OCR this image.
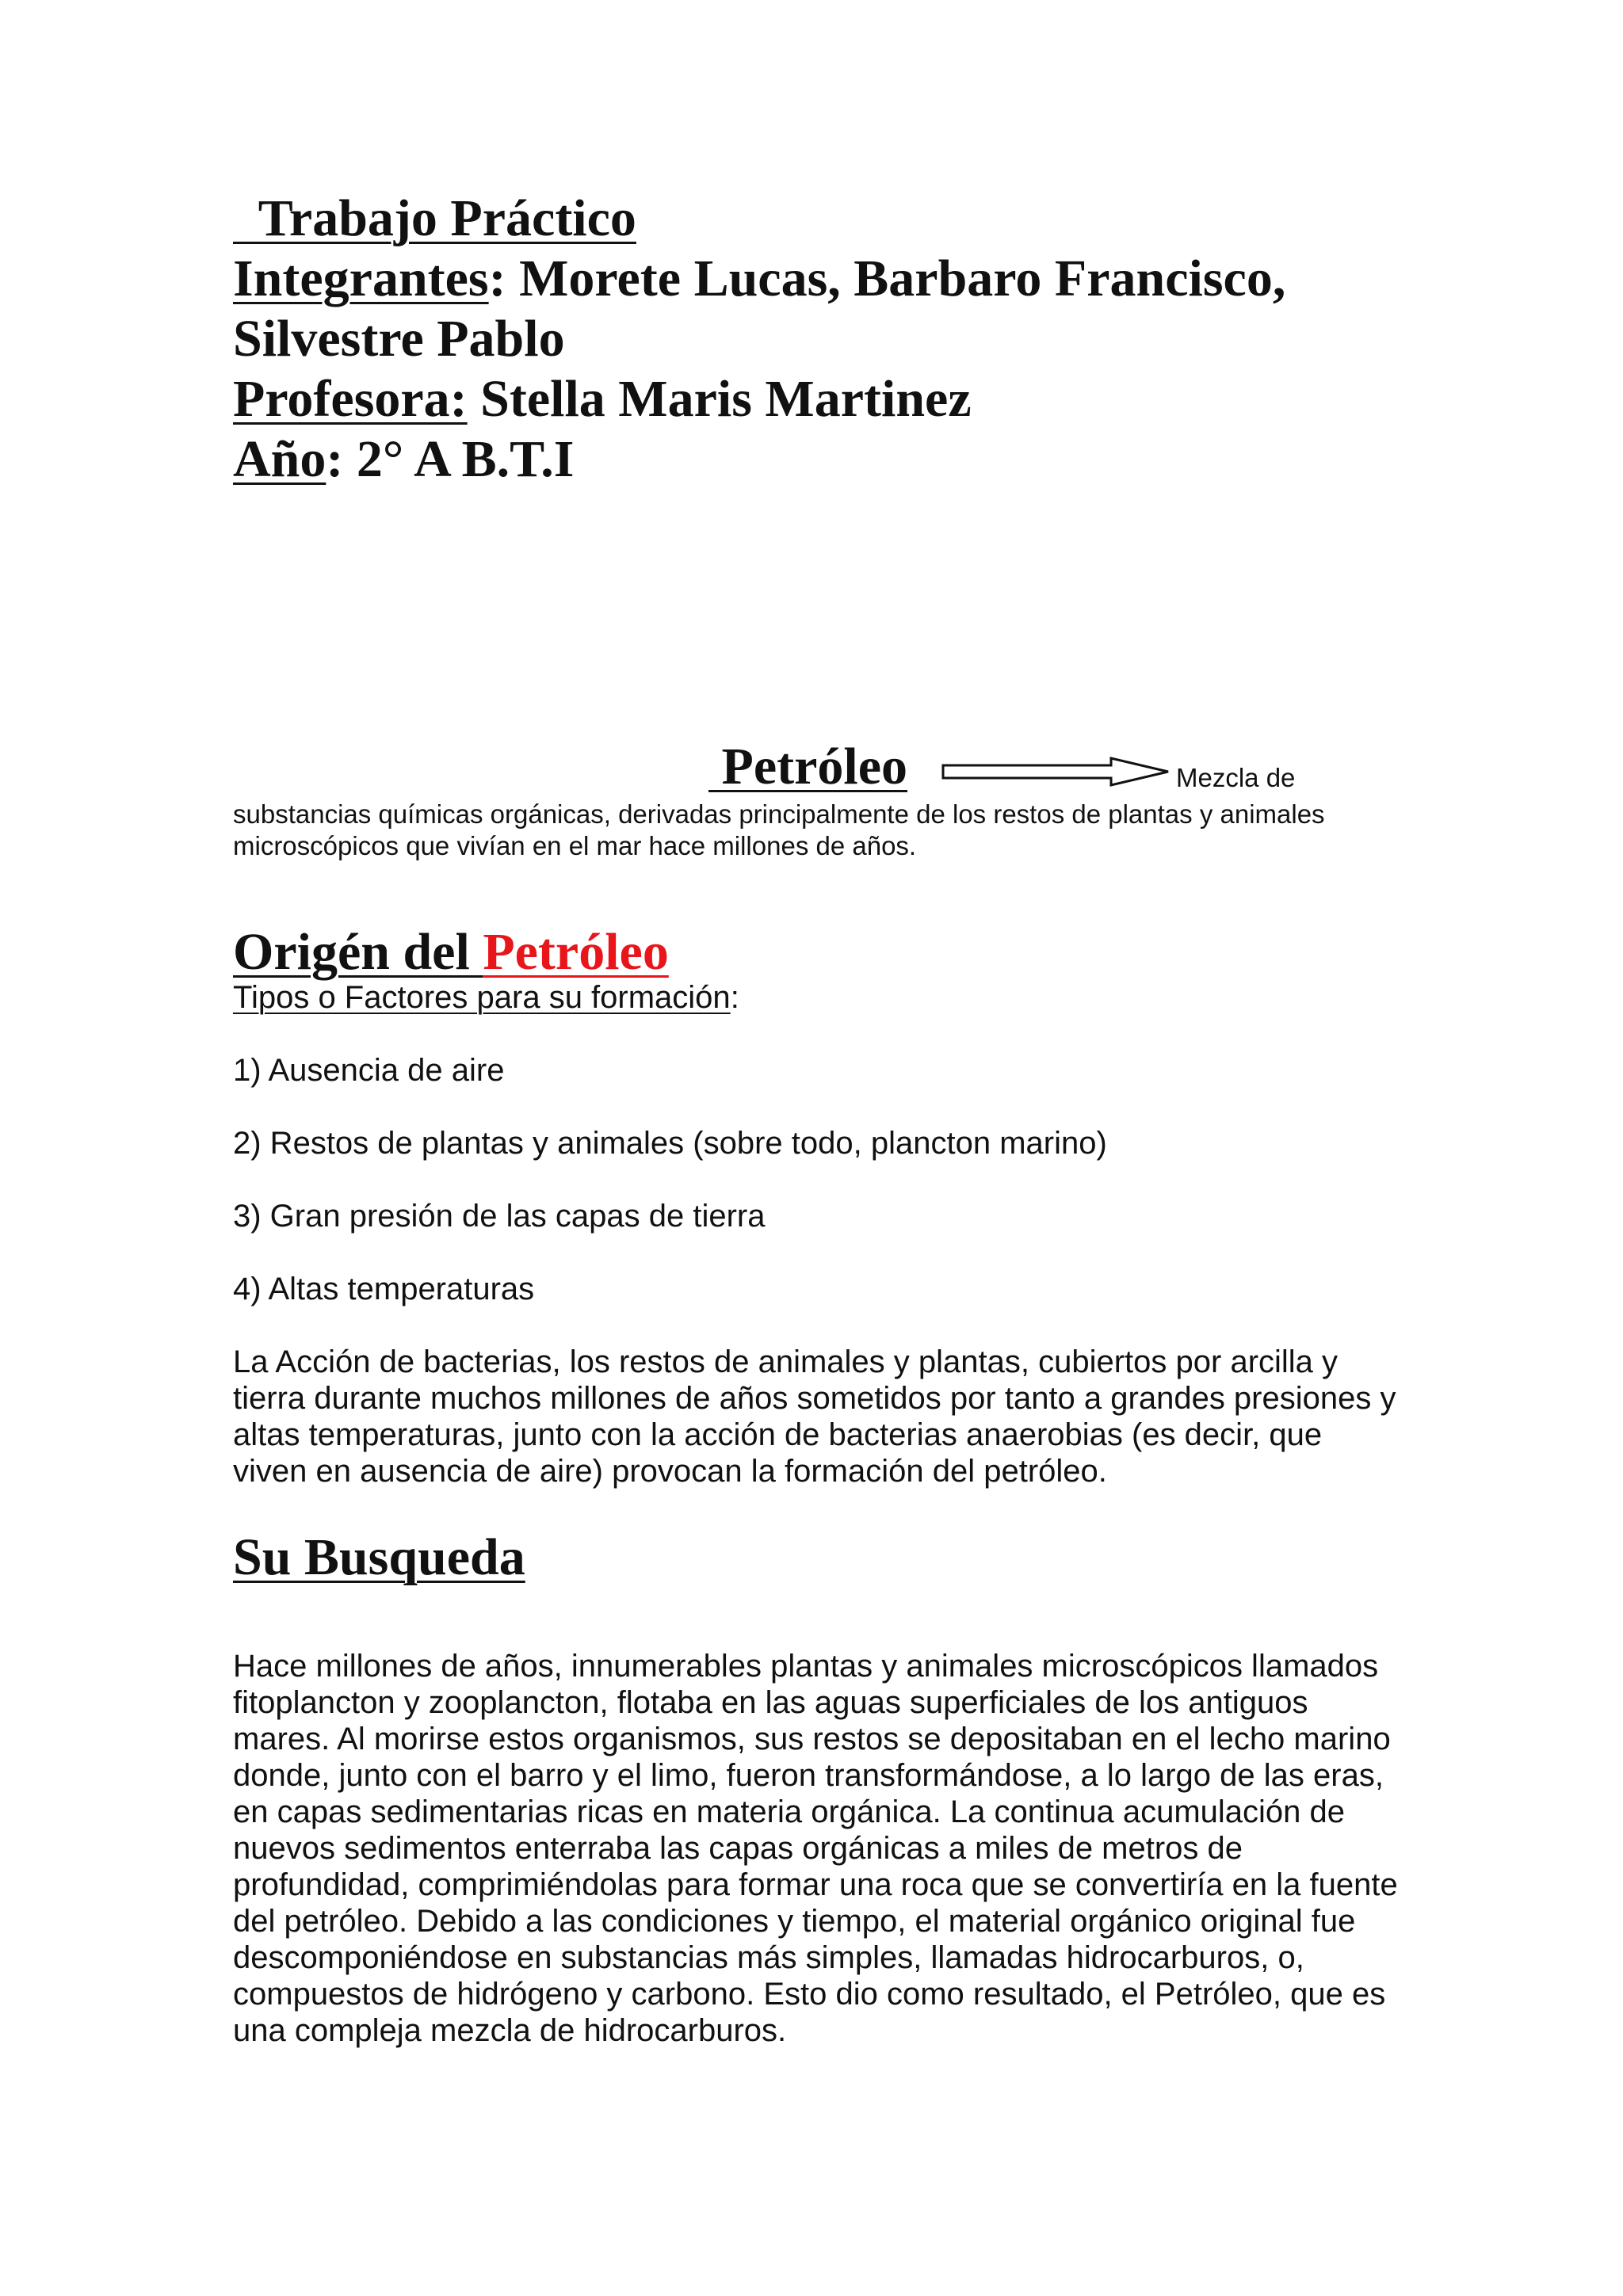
Trabajo Práctico
Integrantes: Morete Lucas, Barbaro Francisco,
Silvestre Pablo
Profesora: Stella Maris Martinez
Año: 2° A B.T.I
Petróleo	Mezcla de
substancias químicas orgánicas, derivadas principalmente de los restos de plantas y animales microscópicos que vivían en el mar hace millones de años.
Origén del Petróleo
Tipos o Factores para su formación:
1) Ausencia de aire
2) Restos de plantas y animales (sobre todo, plancton marino)
3) Gran presión de las capas de tierra
4) Altas temperaturas
La Acción de bacterias, los restos de animales y plantas, cubiertos por arcilla y tierra durante muchos millones de años sometidos por tanto a grandes presiones y altas temperaturas, junto con la acción de bacterias anaerobias (es decir, que viven en ausencia de aire) provocan la formación del petróleo.
Su Busqueda
Hace millones de años, innumerables plantas y animales microscópicos llamados fitoplancton y zooplancton, flotaba en las aguas superficiales de los antiguos mares. Al morirse estos organismos, sus restos se depositaban en el lecho marino donde, junto con el barro y el limo, fueron transformándose, a lo largo de las eras, en capas sedimentarias ricas en materia orgánica. La continua acumulación de nuevos sedimentos enterraba las capas orgánicas a miles de metros de profundidad, comprimiéndolas para formar una roca que se convertiría en la fuente del petróleo. Debido a las condiciones y tiempo, el material orgánico original fue descomponiéndose en substancias más simples, llamadas hidrocarburos, o, compuestos de hidrógeno y carbono. Esto dio como resultado, el Petróleo, que es una compleja mezcla de hidrocarburos.
